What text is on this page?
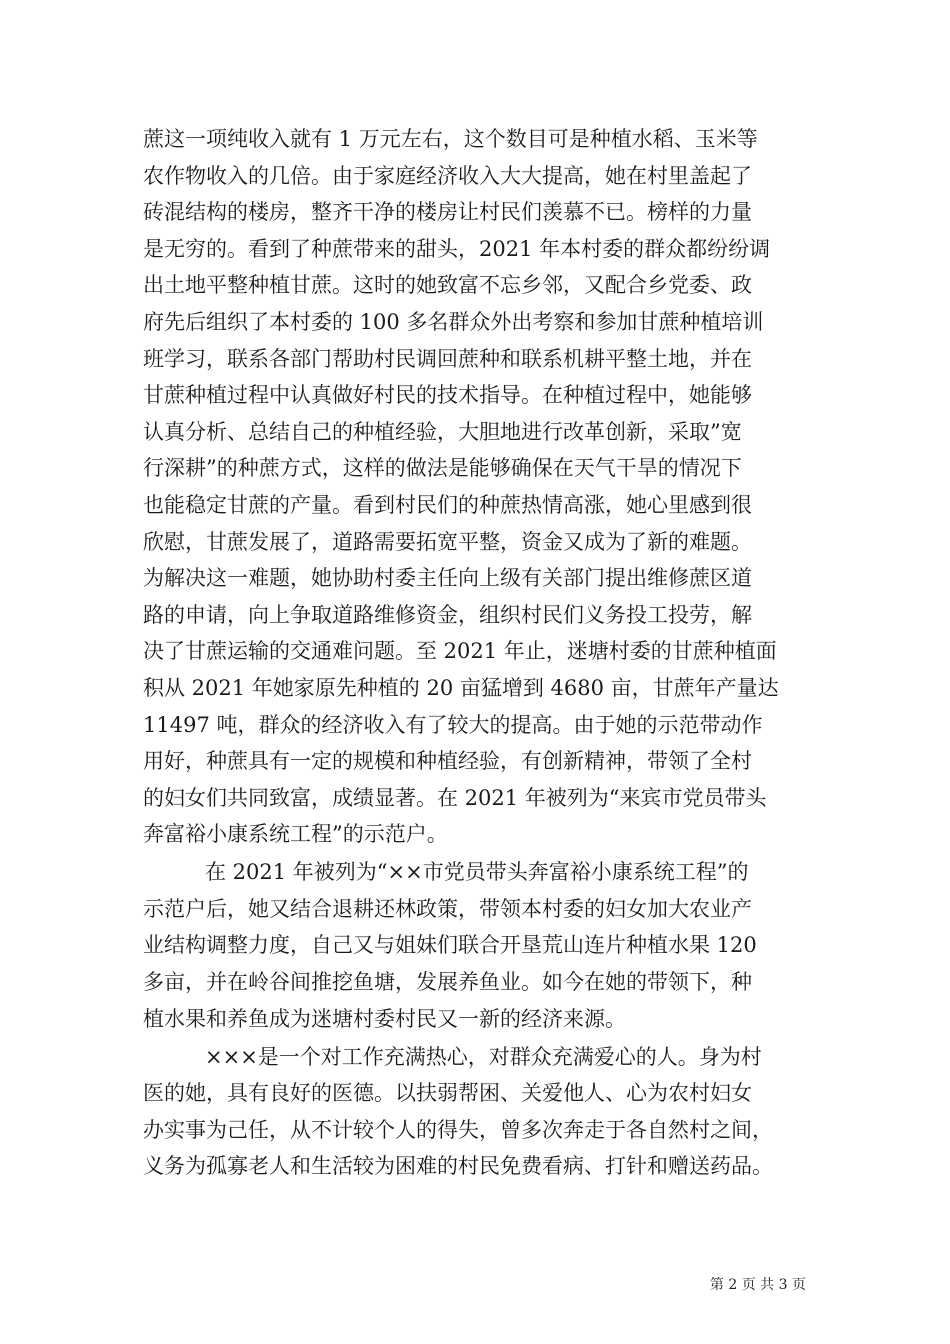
蔗这一项纯收入就有 1 万元左右，这个数目可是种植水稻、玉米等
农作物收入的几倍。由于家庭经济收入大大提高，她在村里盖起了
砖混结构的楼房，整齐干净的楼房让村民们羡慕不已。榜样的力量
是无穷的。看到了种蔗带来的甜头，2021 年本村委的群众都纷纷调
出土地平整种植甘蔗。这时的她致富不忘乡邻，又配合乡党委、政
府先后组织了本村委的 100 多名群众外出考察和参加甘蔗种植培训
班学习，联系各部门帮助村民调回蔗种和联系机耕平整土地，并在
甘蔗种植过程中认真做好村民的技术指导。在种植过程中，她能够
认真分析、总结自己的种植经验，大胆地进行改革创新，采取”宽
行深耕”的种蔗方式，这样的做法是能够确保在天气干旱的情况下
也能稳定甘蔗的产量。看到村民们的种蔗热情高涨，她心里感到很
欣慰，甘蔗发展了，道路需要拓宽平整，资金又成为了新的难题。
为解决这一难题，她协助村委主任向上级有关部门提出维修蔗区道
路的申请，向上争取道路维修资金，组织村民们义务投工投劳，解
决了甘蔗运输的交通难问题。至 2021 年止，迷塘村委的甘蔗种植面
积从 2021 年她家原先种植的 20 亩猛增到 4680 亩，甘蔗年产量达
11497 吨，群众的经济收入有了较大的提高。由于她的示范带动作
用好，种蔗具有一定的规模和种植经验，有创新精神，带领了全村
的妇女们共同致富，成绩显著。在 2021 年被列为“来宾市党员带头
奔富裕小康系统工程”的示范户。
在 2021 年被列为“××市党员带头奔富裕小康系统工程”的
示范户后，她又结合退耕还林政策，带领本村委的妇女加大农业产
业结构调整力度，自己又与姐妹们联合开垦荒山连片种植水果 120
多亩，并在岭谷间推挖鱼塘，发展养鱼业。如今在她的带领下，种
植水果和养鱼成为迷塘村委村民又一新的经济来源。
×××是一个对工作充满热心，对群众充满爱心的人。身为村
医的她，具有良好的医德。以扶弱帮困、关爱他人、心为农村妇女
办实事为己任，从不计较个人的得失，曾多次奔走于各自然村之间，
义务为孤寡老人和生活较为困难的村民免费看病、打针和赠送药品。
第 2 页 共 3 页
